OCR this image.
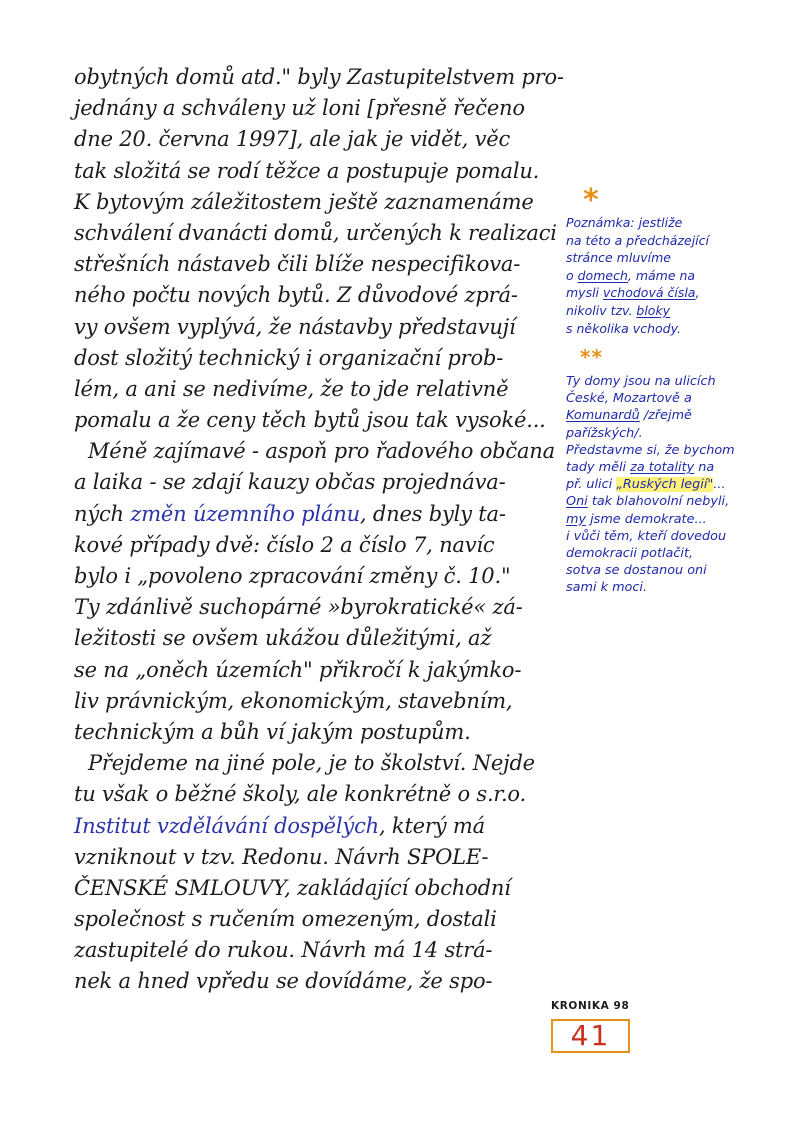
obytných domů atd." byly Zastupitelstvem pro-
jednány a schváleny už loni [přesně řečeno
dne 20. června 1997], ale jak je vidět, věc
tak složitá se rodí těžce a postupuje pomalu.
K bytovým záležitostem ještě zaznamenáme
schválení dvanácti domů, určených k realizaci
střešních nástaveb čili blíže nespecifikova-
ného počtu nových bytů. Z důvodové zprá-
vy ovšem vyplývá, že nástavby představují
dost složitý technický i organizační prob-
lém, a ani se nedivíme, že to jde relativně
pomalu a že ceny těch bytů jsou tak vysoké...
Méně zajímavé - aspoň pro řadového občana
a laika - se zdají kauzy občas projednáva-
ných změn územního plánu, dnes byly ta-
kové případy dvě: číslo 2 a číslo 7, navíc
bylo i „povoleno zpracování změny č. 10."
Ty zdánlivě suchopárné »byrokratické« zá-
ležitosti se ovšem ukážou důležitými, až
se na „oněch územích" přikročí k jakýmko-
liv právnickým, ekonomickým, stavebním,
technickým a bůh ví jakým postupům.
Přejdeme na jiné pole, je to školství. Nejde
tu však o běžné školy, ale konkrétně o s.r.o.
Institut vzdělávání dospělých, který má
vzniknout v tzv. Redonu. Návrh SPOLE-
ČENSKÉ SMLOUVY, zakládající obchodní
společnost s ručením omezeným, dostali
zastupitelé do rukou. Návrh má 14 strá-
nek a hned vpředu se dovídáme, že spo-
*
Poznámka: jestliže
na této a předcházející
stránce mluvíme
o domech, máme na
mysli vchodová čísla,
nikoliv tzv. bloky
s několika vchody.
**
Ty domy jsou na ulicích
České, Mozartově a
Komunardů /zřejmě
pařížských/.
Představme si, že bychom
tady měli za totality na
př. ulici „Ruských legií"...
Oni tak blahovolní nebyli,
my jsme demokrate...
i vůči těm, kteří dovedou
demokracii potlačit,
sotva se dostanou oni
sami k moci.
KRONIKA 98
41
